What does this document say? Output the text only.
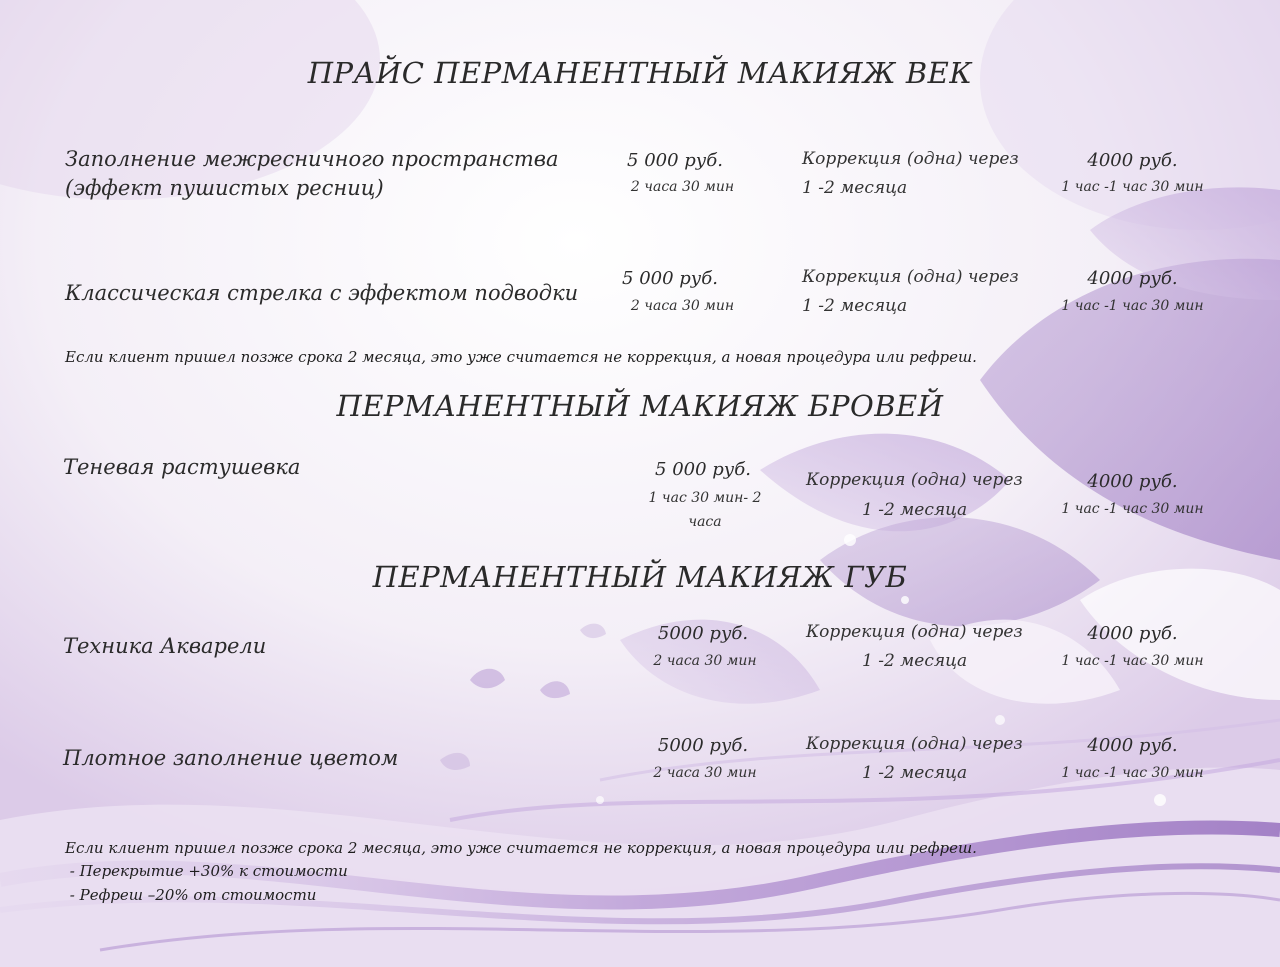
ПРАЙС ПЕРМАНЕНТНЫЙ МАКИЯЖ ВЕК
Заполнение межресничного пространства
(эффект пушистых ресниц)
5 000 руб.
2 часа 30 мин
Коррекция (одна) через
1 -2 месяца
4000 руб.
1 час -1 час 30 мин
Классическая стрелка с эффектом подводки
5 000 руб.
2 часа 30 мин
Коррекция (одна) через
1 -2 месяца
4000 руб.
1 час -1 час 30 мин
Если клиент пришел позже срока 2 месяца, это уже считается не коррекция, а новая процедура или рефреш.
ПЕРМАНЕНТНЫЙ МАКИЯЖ БРОВЕЙ
Теневая растушевка	5 000 руб.
1 час 30 мин- 2
часа
Коррекция (одна) через
1 -2 месяца
4000 руб.
1 час -1 час 30 мин
ПЕРМАНЕНТНЫЙ МАКИЯЖ ГУБ
Техника Акварели
5000 руб.
2 часа 30 мин
Коррекция (одна) через
1 -2 месяца
4000 руб.
1 час -1 час 30 мин
Плотное заполнение цветом
5000 руб.
2 часа 30 мин
Коррекция (одна) через
1 -2 месяца
4000 руб.
1 час -1 час 30 мин
Если клиент пришел позже срока 2 месяца, это уже считается не коррекция, а новая процедура или рефреш.
- Перекрытие +30% к стоимости
- Рефреш –20% от стоимости
